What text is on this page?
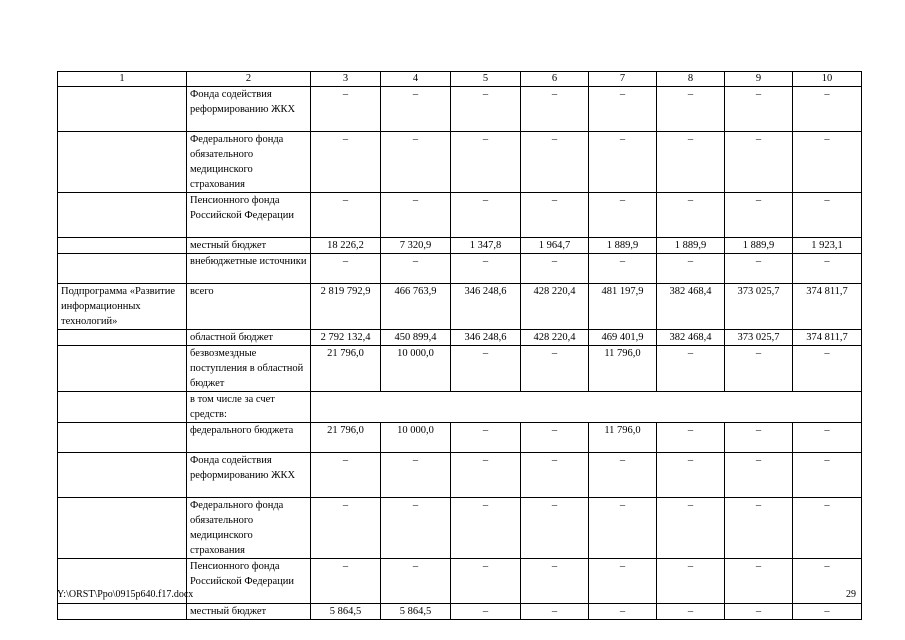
1	2	3	4	5	6	7	8	9	10
	Фонда содействия реформированию ЖКХ	–	–	–	–	–	–	–	–
	Федерального фонда обязательного медицинского страхования	–	–	–	–	–	–	–	–
	Пенсионного фонда Российской Федерации	–	–	–	–	–	–	–	–
	местный бюджет	18 226,2	7 320,9	1 347,8	1 964,7	1 889,9	1 889,9	1 889,9	1 923,1
	внебюджетные источники	–	–	–	–	–	–	–	–
Подпрограмма «Развитие информационных технологий»	всего	2 819 792,9	466 763,9	346 248,6	428 220,4	481 197,9	382 468,4	373 025,7	374 811,7
	областной бюджет	2 792 132,4	450 899,4	346 248,6	428 220,4	469 401,9	382 468,4	373 025,7	374 811,7
	безвозмездные поступления в областной бюджет	21 796,0	10 000,0	–	–	11 796,0	–	–	–
	в том числе за счет средств:								
	федерального бюджета	21 796,0	10 000,0	–	–	11 796,0	–	–	–
	Фонда содействия реформированию ЖКХ	–	–	–	–	–	–	–	–
	Федерального фонда обязательного медицинского страхования	–	–	–	–	–	–	–	–
	Пенсионного фонда Российской Федерации	–	–	–	–	–	–	–	–
	местный бюджет	5 864,5	5 864,5	–	–	–	–	–	–
Y:\ORST\Ppo\0915p640.f17.docx	29
